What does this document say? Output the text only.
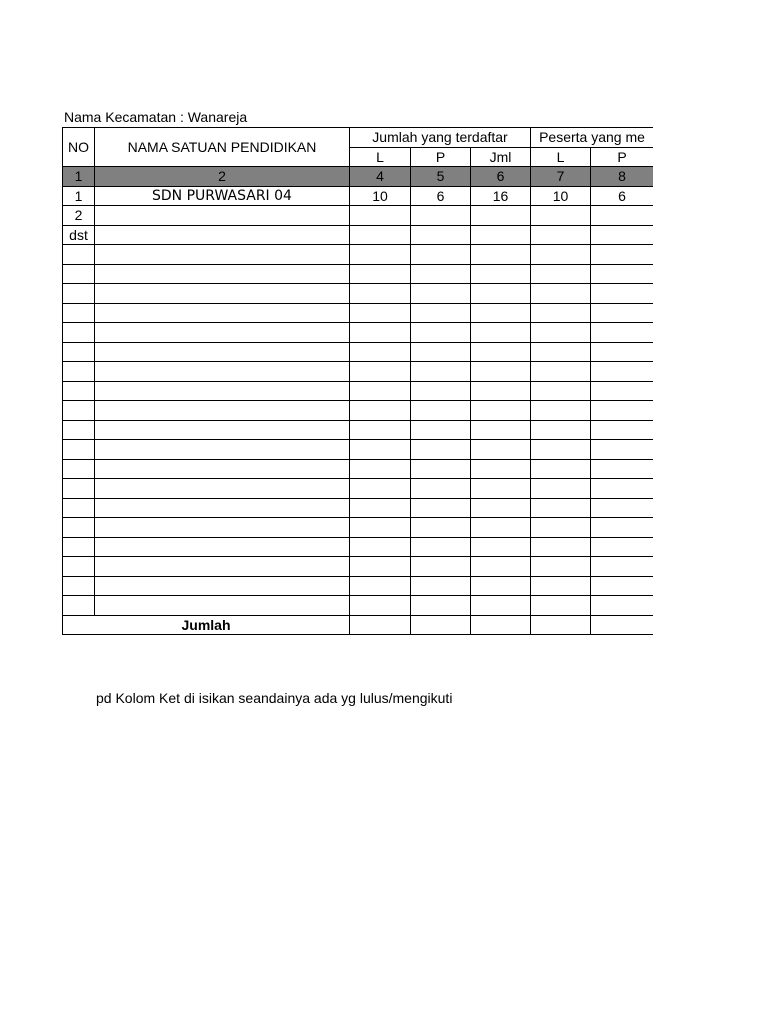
Nama Kecamatan : Wanareja
NO	NAMA SATUAN PENDIDIKAN	Jumlah yang terdaftar			Peserta yang me	
		L	P	Jml	L	P
1	2	4	5	6	7	8
1	SDN PURWASARI 04	10	6	16	10	6
2						
dst						

Jumlah						
pd Kolom Ket di isikan seandainya ada yg lulus/mengikuti
